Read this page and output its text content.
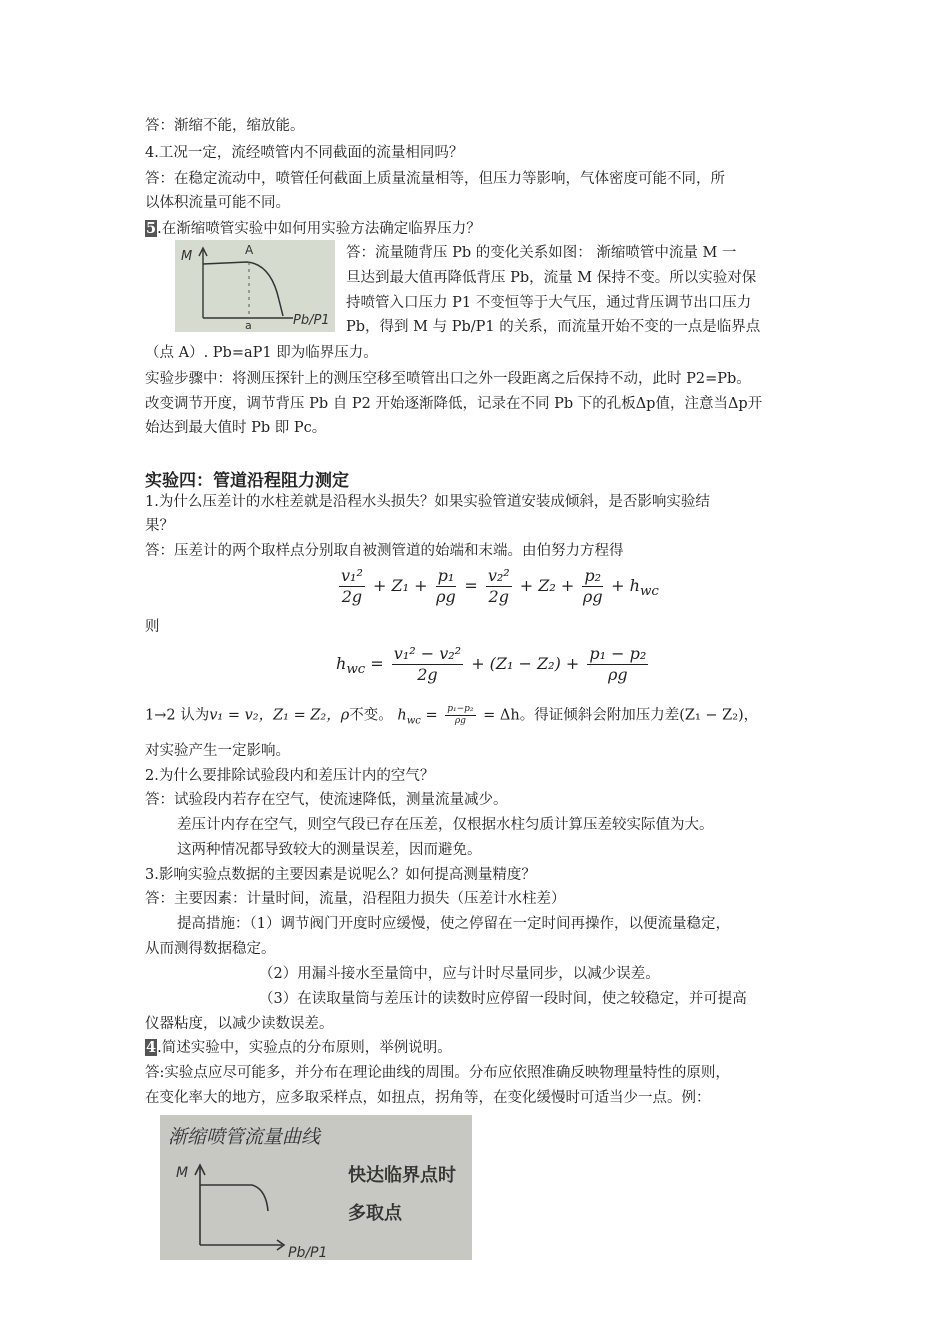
答：渐缩不能，缩放能。
4.工况一定，流经喷管内不同截面的流量相同吗？
答：在稳定流动中，喷管任何截面上质量流量相等，但压力等影响，气体密度可能不同，所
以体积流量可能不同。
5.在渐缩喷管实验中如何用实验方法确定临界压力？
M	A
a	Pb/P1
答：流量随背压 Pb 的变化关系如图： 渐缩喷管中流量 M 一
旦达到最大值再降低背压 Pb，流量 M 保持不变。所以实验对保
持喷管入口压力 P1 不变恒等于大气压，通过背压调节出口压力
Pb，得到 M 与 Pb/P1 的关系，而流量开始不变的一点是临界点
（点 A）. Pb=aP1 即为临界压力。
实验步骤中：将测压探针上的测压空移至喷管出口之外一段距离之后保持不动，此时 P2=Pb。
改变调节开度，调节背压 Pb 自 P2 开始逐渐降低，记录在不同 Pb 下的孔板Δp值，注意当Δp开
始达到最大值时 Pb 即 Pc。
实验四：管道沿程阻力测定
1.为什么压差计的水柱差就是沿程水头损失？如果实验管道安装成倾斜，是否影响实验结
果？
答：压差计的两个取样点分别取自被测管道的始端和末端。由伯努力方程得
$\frac{\text{v₁²}}{2g} + Z_1 + \frac{\text{p₁}}{\rho g} = \frac{\text{v₂²}}{2g} + Z_2 + \frac{\text{p₂}}{\rho g} + h_{wc}$
则
$h_{wc} = \frac{\text{v₁² − v₂²}}{2g} + (Z_1 - Z_2) + \frac{\text{p₁ − p₂}}{\rho g}$
1→2 认为v₁ = v₂，Z₁ = Z₂，ρ不变。 $h_{wc} = \frac{\text{p₁−p₂}}{\rho g} = \Delta h$。得证倾斜会附加压力差(Z₁ − Z₂)，
对实验产生一定影响。
2.为什么要排除试验段内和差压计内的空气？
答：试验段内若存在空气，使流速降低，测量流量减少。
差压计内存在空气，则空气段已存在压差，仅根据水柱匀质计算压差较实际值为大。
这两种情况都导致较大的测量误差，因而避免。
3.影响实验点数据的主要因素是说呢么？如何提高测量精度？
答：主要因素：计量时间，流量，沿程阻力损失（压差计水柱差）
提高措施：（1）调节阀门开度时应缓慢，使之停留在一定时间再操作，以便流量稳定，
从而测得数据稳定。
（2）用漏斗接水至量筒中，应与计时尽量同步，以减少误差。
（3）在读取量筒与差压计的读数时应停留一段时间，使之较稳定，并可提高
仪器粘度，以减少读数误差。
4.简述实验中，实验点的分布原则，举例说明。
答:实验点应尽可能多，并分布在理论曲线的周围。分布应依照准确反映物理量特性的原则，
在变化率大的地方，应多取采样点，如扭点，拐角等，在变化缓慢时可适当少一点。例：
渐缩喷管流量曲线
M
Pb/P1
快达临界点时
多取点
